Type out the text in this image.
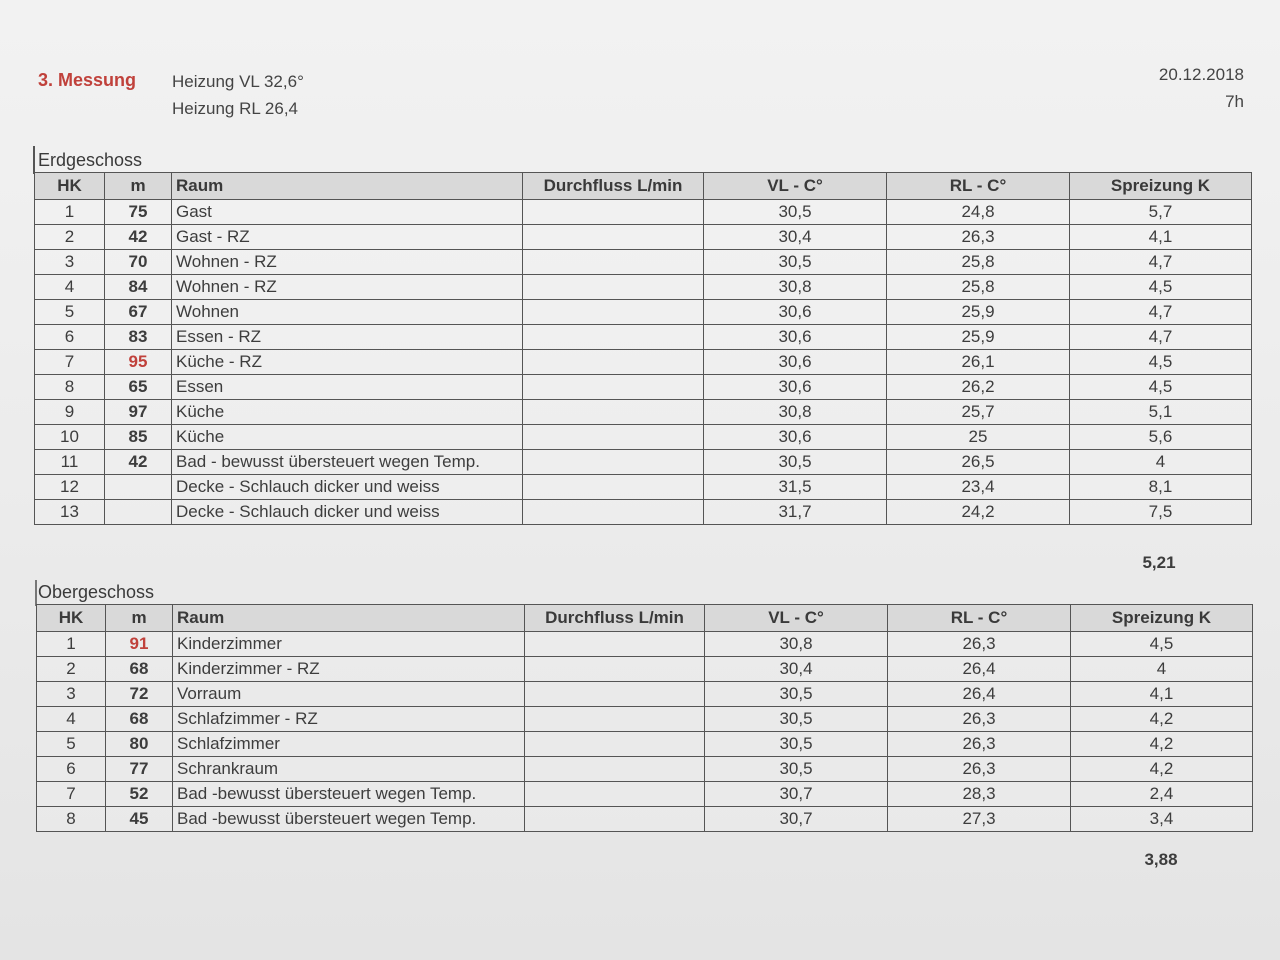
3. Messung Heizung VL 32,6°
Heizung RL 26,4
20.12.2018
7h
Erdgeschoss
HK	m	Raum	Durchfluss L/min	VL - C°	RL - C°	Spreizung K
1	75	Gast		30,5	24,8	5,7
2	42	Gast - RZ		30,4	26,3	4,1
3	70	Wohnen - RZ		30,5	25,8	4,7
4	84	Wohnen - RZ		30,8	25,8	4,5
5	67	Wohnen		30,6	25,9	4,7
6	83	Essen - RZ		30,6	25,9	4,7
7	95	Küche - RZ		30,6	26,1	4,5
8	65	Essen		30,6	26,2	4,5
9	97	Küche		30,8	25,7	5,1
10	85	Küche		30,6	25	5,6
11	42	Bad - bewusst übersteuert wegen Temp.		30,5	26,5	4
12		Decke - Schlauch dicker und weiss		31,5	23,4	8,1
13		Decke - Schlauch dicker und weiss		31,7	24,2	7,5
5,21
Obergeschoss
HK	m	Raum	Durchfluss L/min	VL - C°	RL - C°	Spreizung K
1	91	Kinderzimmer		30,8	26,3	4,5
2	68	Kinderzimmer - RZ		30,4	26,4	4
3	72	Vorraum		30,5	26,4	4,1
4	68	Schlafzimmer - RZ		30,5	26,3	4,2
5	80	Schlafzimmer		30,5	26,3	4,2
6	77	Schrankraum		30,5	26,3	4,2
7	52	Bad -bewusst übersteuert wegen Temp.		30,7	28,3	2,4
8	45	Bad -bewusst übersteuert wegen Temp.		30,7	27,3	3,4
3,88
